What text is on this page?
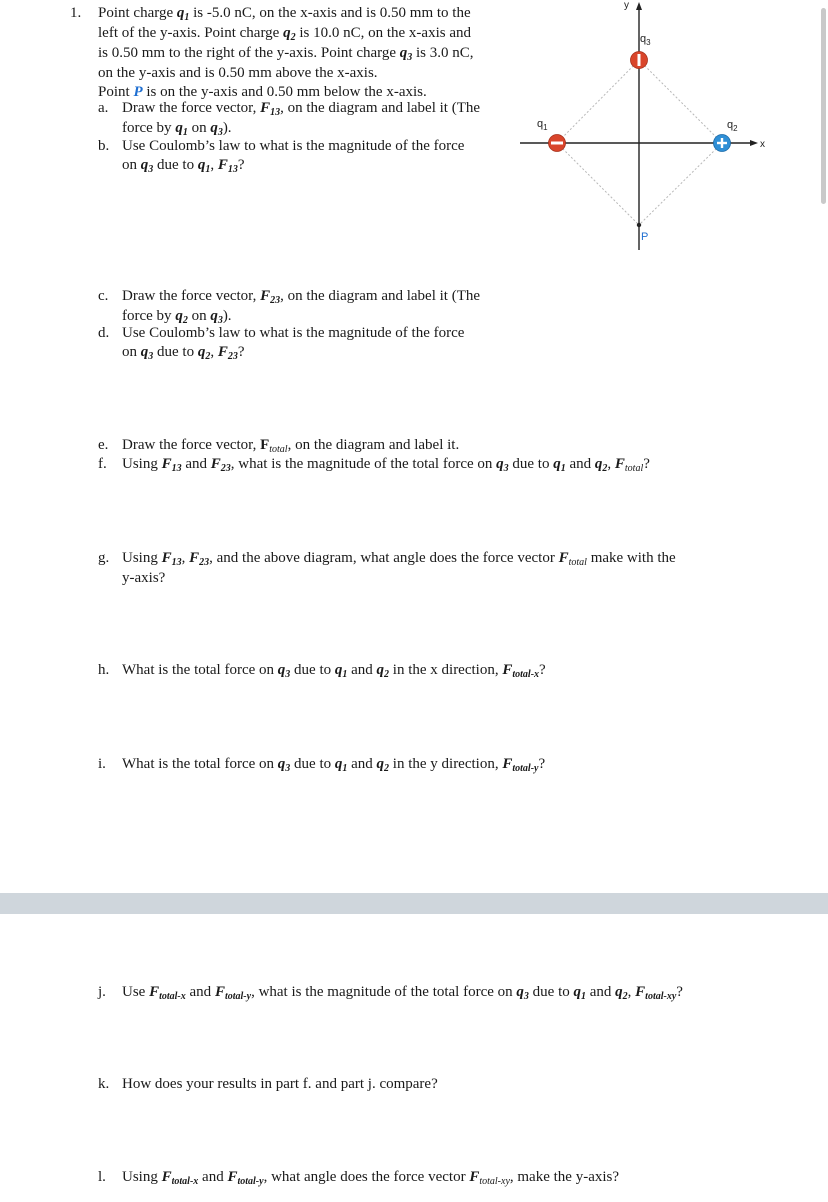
1. Point charge $q_1$ is -5.0 nC, on the x-axis and is 0.50 mm to the
left of the y-axis. Point charge $q_2$ is 10.0 nC, on the x-axis and
is 0.50 mm to the right of the y-axis. Point charge $q_3$ is 3.0 nC,
on the y-axis and is 0.50 mm above the x-axis.
Point P is on the y-axis and 0.50 mm below the x-axis.
a. Draw the force vector, $F_{13}$, on the diagram and label it (The
force by $q_1$ on $q_3$).
b. Use Coulomb’s law to what is the magnitude of the force
on $q_3$ due to $q_1$, $F_{13}$?
y
x
$q_3$
$q_1$	$q_2$
P
c. Draw the force vector, $F_{23}$, on the diagram and label it (The
force by $q_2$ on $q_3$).
d. Use Coulomb’s law to what is the magnitude of the force
on $q_3$ due to $q_2$, $F_{23}$?
e. Draw the force vector, $F_{total}$, on the diagram and label it.
f. Using $F_{13}$ and $F_{23}$, what is the magnitude of the total force on $q_3$ due to $q_1$ and $q_2$, $F_{total}$?
g. Using $F_{13}$, $F_{23}$, and the above diagram, what angle does the force vector $F_{total}$ make with the
y-axis?
h. What is the total force on $q_3$ due to $q_1$ and $q_2$ in the x direction, $F_{total-x}$?
i. What is the total force on $q_3$ due to $q_1$ and $q_2$ in the y direction, $F_{total-y}$?
j. Use $F_{total-x}$ and $F_{total-y}$, what is the magnitude of the total force on $q_3$ due to $q_1$ and $q_2$, $F_{total-xy}$?
k. How does your results in part f. and part j. compare?
l. Using $F_{total-x}$ and $F_{total-y}$, what angle does the force vector $F_{total-xy}$, make the y-axis?
